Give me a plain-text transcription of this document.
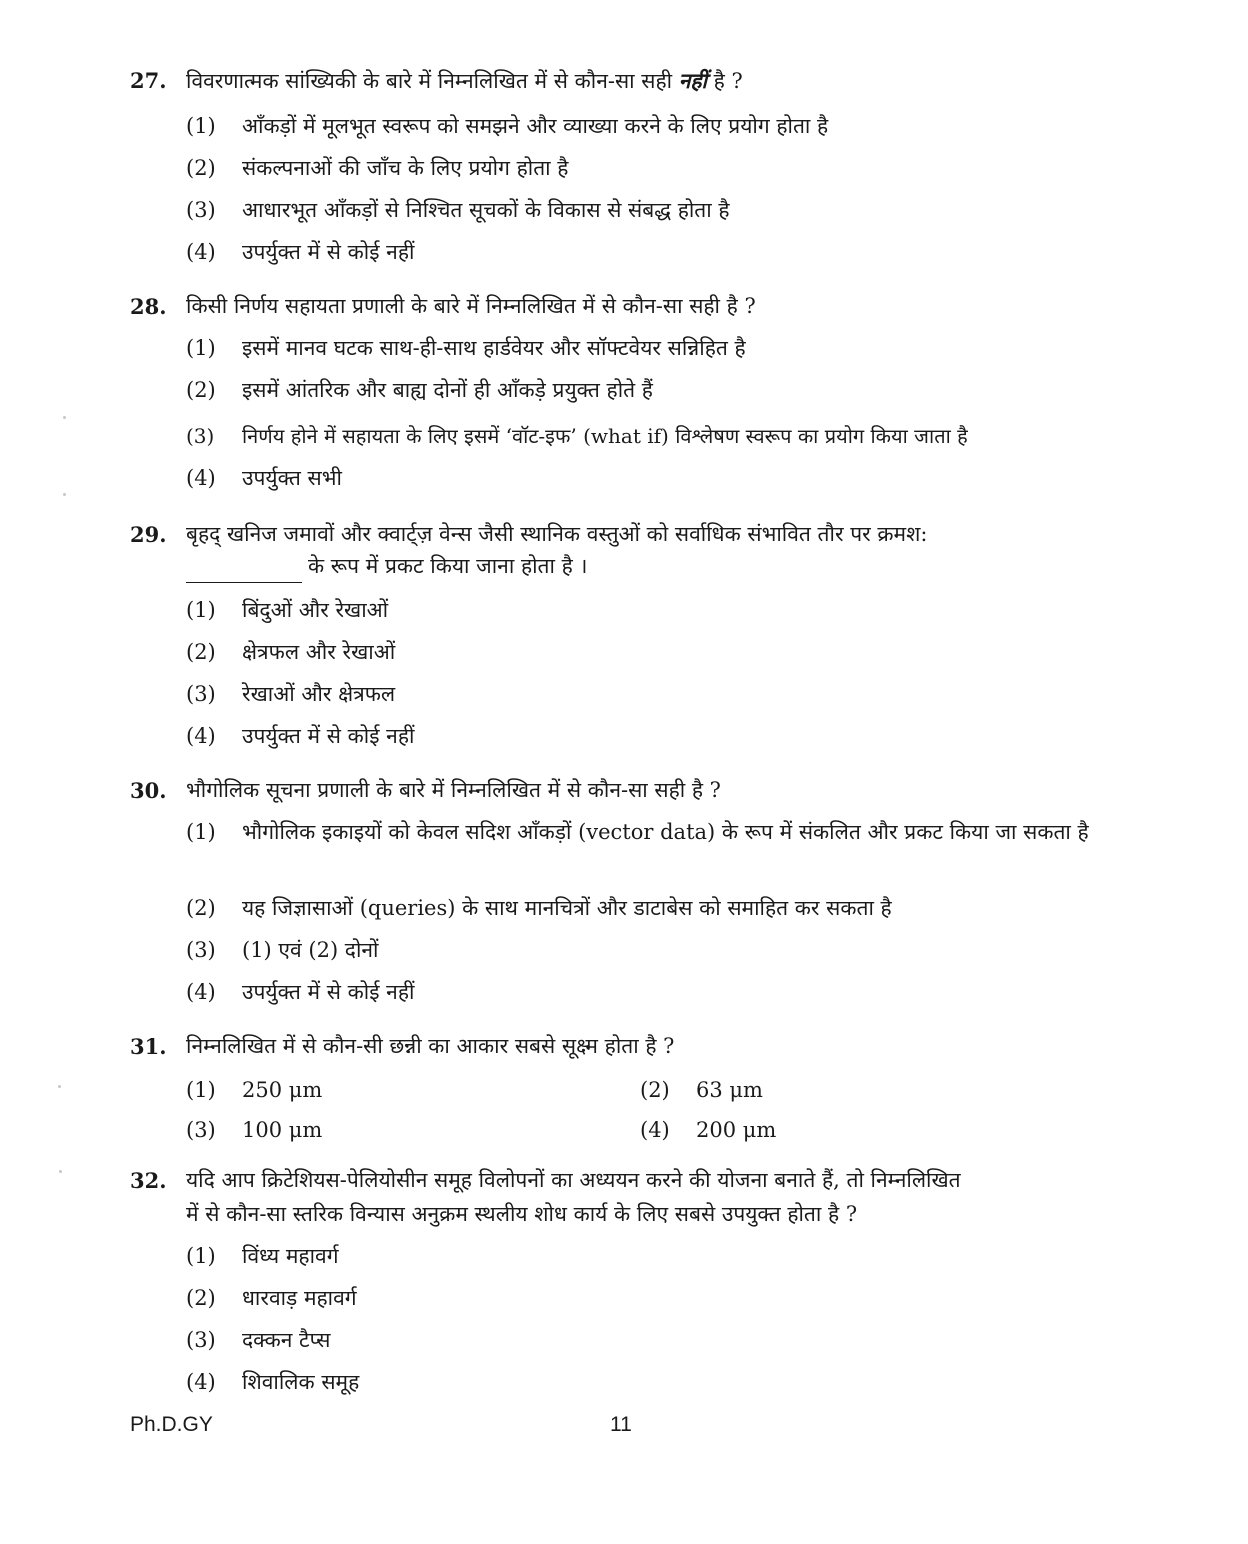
27. विवरणात्मक सांख्यिकी के बारे में निम्नलिखित में से कौन-सा सही नहीं है ?
(1) आँकड़ों में मूलभूत स्वरूप को समझने और व्याख्या करने के लिए प्रयोग होता है
(2) संकल्पनाओं की जाँच के लिए प्रयोग होता है
(3) आधारभूत आँकड़ों से निश्चित सूचकों के विकास से संबद्ध होता है
(4) उपर्युक्त में से कोई नहीं
28. किसी निर्णय सहायता प्रणाली के बारे में निम्नलिखित में से कौन-सा सही है ?
(1) इसमें मानव घटक साथ-ही-साथ हार्डवेयर और सॉफ्टवेयर सन्निहित है
(2) इसमें आंतरिक और बाह्य दोनों ही आँकड़े प्रयुक्त होते हैं
(3) निर्णय होने में सहायता के लिए इसमें ‘वॉट-इफ’ (what if) विश्लेषण स्वरूप का प्रयोग किया जाता है
(4) उपर्युक्त सभी
29. बृहद् खनिज जमावों और क्वार्ट्ज़ वेन्स जैसी स्थानिक वस्तुओं को सर्वाधिक संभावित तौर पर क्रमश:
के रूप में प्रकट किया जाना होता है ।
(1) बिंदुओं और रेखाओं
(2) क्षेत्रफल और रेखाओं
(3) रेखाओं और क्षेत्रफल
(4) उपर्युक्त में से कोई नहीं
30. भौगोलिक सूचना प्रणाली के बारे में निम्नलिखित में से कौन-सा सही है ?
(1) भौगोलिक इकाइयों को केवल सदिश आँकड़ों (vector data) के रूप में संकलित और प्रकट किया जा सकता है
(2) यह जिज्ञासाओं (queries) के साथ मानचित्रों और डाटाबेस को समाहित कर सकता है
(3) (1) एवं (2) दोनों
(4) उपर्युक्त में से कोई नहीं
31. निम्नलिखित में से कौन-सी छन्नी का आकार सबसे सूक्ष्म होता है ?
(1) 250 μm	(2) 63 μm
(3) 100 μm	(4) 200 μm
32. यदि आप क्रिटेशियस-पेलियोसीन समूह विलोपनों का अध्ययन करने की योजना बनाते हैं, तो निम्नलिखित
में से कौन-सा स्तरिक विन्यास अनुक्रम स्थलीय शोध कार्य के लिए सबसे उपयुक्त होता है ?
(1) विंध्य महावर्ग
(2) धारवाड़ महावर्ग
(3) दक्कन टैप्स
(4) शिवालिक समूह
Ph.D.GY	11
